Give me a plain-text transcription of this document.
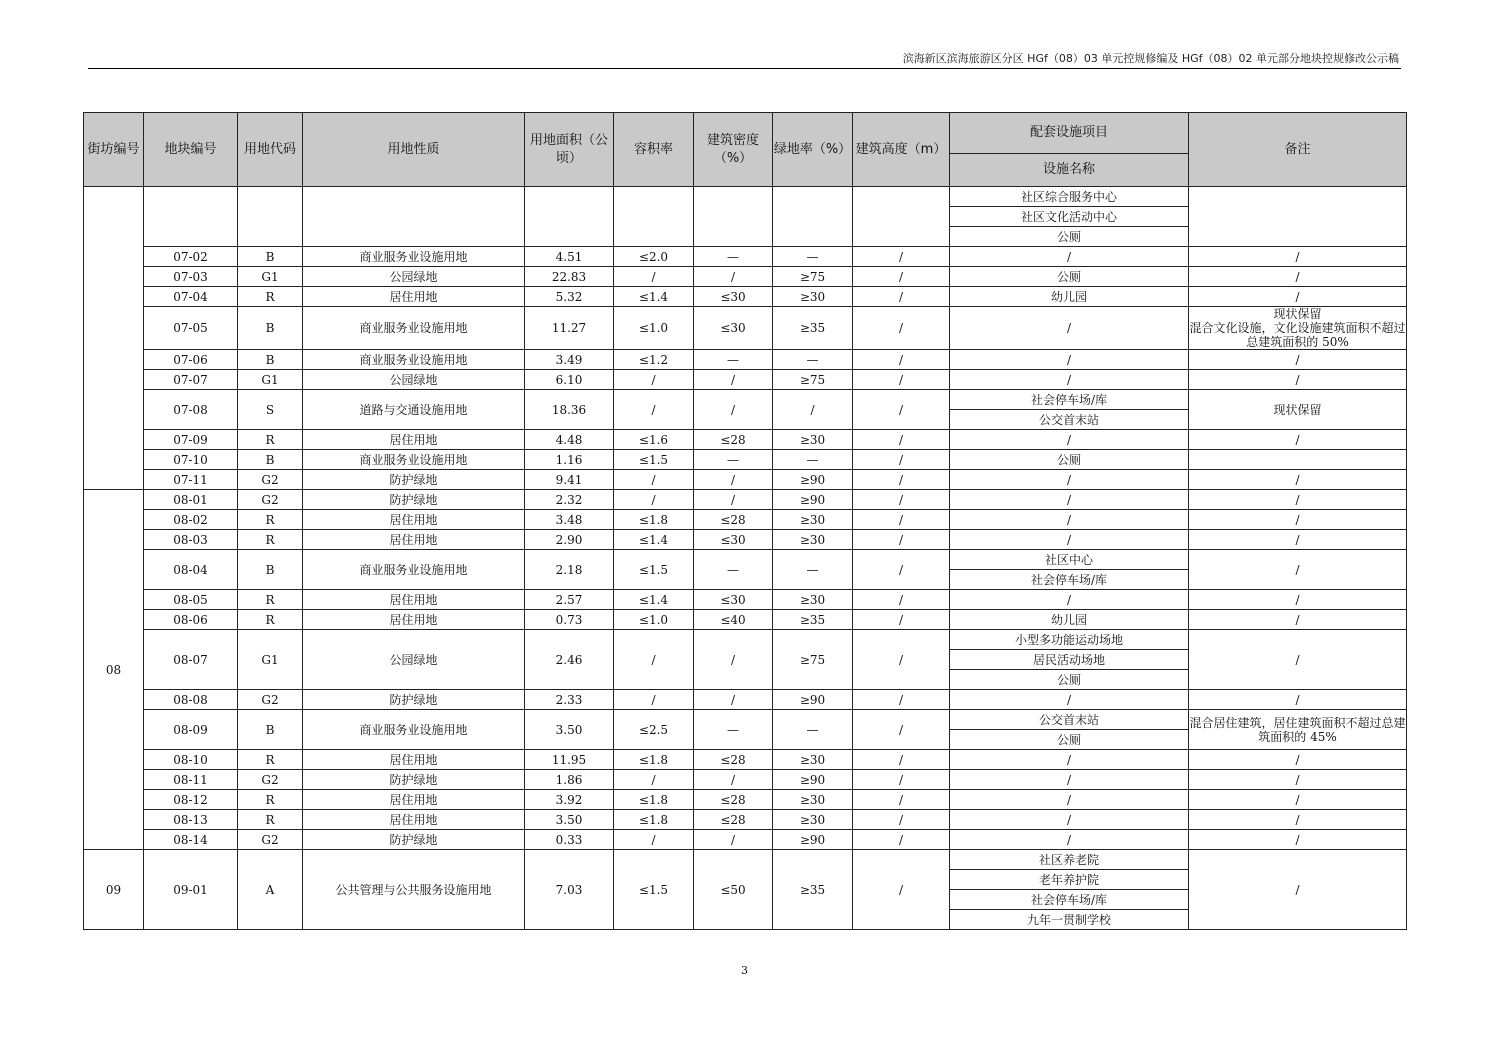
滨海新区滨海旅游区分区 HGf（08）03 单元控规修编及 HGf（08）02 单元部分地块控规修改公示稿
街坊编号	地块编号	用地代码	用地性质	用地面积（公顷）	容积率	建筑密度（%）	绿地率（%）	建筑高度（m）	配套设施项目	备注
									设施名称	
									社区综合服务中心	
									社区文化活动中心	
									公厕	
	07-02	B	商业服务业设施用地	4.51	≤2.0	—	—	/	/	/
	07-03	G1	公园绿地	22.83	/	/	≥75	/	公厕	/
	07-04	R	居住用地	5.32	≤1.4	≤30	≥30	/	幼儿园	/
	07-05	B	商业服务业设施用地	11.27	≤1.0	≤30	≥35	/	/	现状保留
混合文化设施，文化设施建筑面积不超过总建筑面积的 50%

	07-06	B	商业服务业设施用地	3.49	≤1.2	—	—	/	/	/
	07-07	G1	公园绿地	6.10	/	/	≥75	/	/	/
	07-08	S	道路与交通设施用地	18.36	/	/	/	/	社会停车场/库	现状保留
									公交首末站	
	07-09	R	居住用地	4.48	≤1.6	≤28	≥30	/	/	/
	07-10	B	商业服务业设施用地	1.16	≤1.5	—	—	/	公厕	
	07-11	G2	防护绿地	9.41	/	/	≥90	/	/	/
08	08-01	G2	防护绿地	2.32	/	/	≥90	/	/	/
	08-02	R	居住用地	3.48	≤1.8	≤28	≥30	/	/	/
	08-03	R	居住用地	2.90	≤1.4	≤30	≥30	/	/	/
	08-04	B	商业服务业设施用地	2.18	≤1.5	—	—	/	社区中心	/
									社会停车场/库	
	08-05	R	居住用地	2.57	≤1.4	≤30	≥30	/	/	/
	08-06	R	居住用地	0.73	≤1.0	≤40	≥35	/	幼儿园	/
	08-07	G1	公园绿地	2.46	/	/	≥75	/	小型多功能运动场地	/
									居民活动场地	
									公厕	
	08-08	G2	防护绿地	2.33	/	/	≥90	/	/	/
	08-09	B	商业服务业设施用地	3.50	≤2.5	—	—	/	公交首末站	混合居住建筑，居住建筑面积不超过总建筑面积的 45%
									公厕	
	08-10	R	居住用地	11.95	≤1.8	≤28	≥30	/	/	/
	08-11	G2	防护绿地	1.86	/	/	≥90	/	/	/
	08-12	R	居住用地	3.92	≤1.8	≤28	≥30	/	/	/
	08-13	R	居住用地	3.50	≤1.8	≤28	≥30	/	/	/
	08-14	G2	防护绿地	0.33	/	/	≥90	/	/	/
09	09-01	A	公共管理与公共服务设施用地	7.03	≤1.5	≤50	≥35	/	社区养老院	/
									老年养护院	
									社会停车场/库	
									九年一贯制学校	
3
